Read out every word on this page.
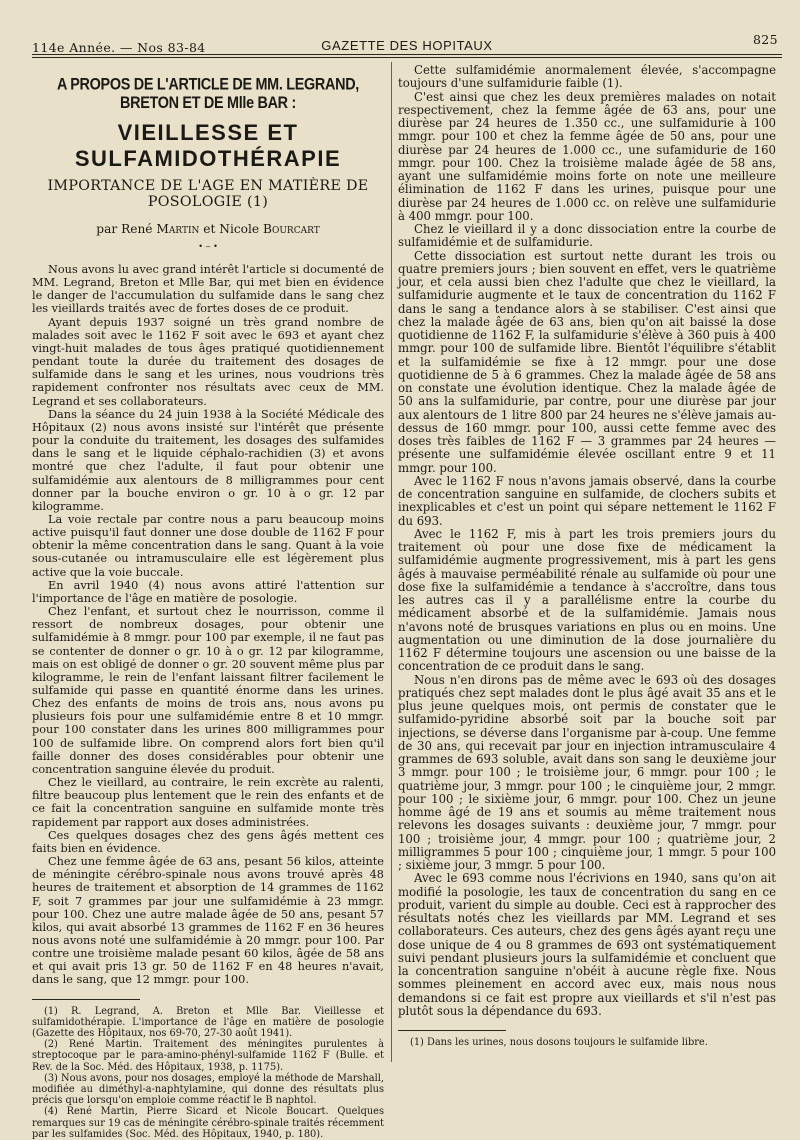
114e Année. — Nos 83-84	GAZETTE DES HOPITAUX	825
A PROPOS DE L'ARTICLE DE MM. LEGRAND, BRETON ET DE Mlle BAR :
VIEILLESSE ET SULFAMIDOTHÉRAPIE
IMPORTANCE DE L'AGE EN MATIÈRE DE POSOLOGIE (1)
par René Martin et Nicole Bourcart
• ‒ •

Nous avons lu avec grand intérêt l'article si documenté de MM. Legrand, Breton et Mlle Bar, qui met bien en évidence le danger de l'accumulation du sulfamide dans le sang chez les vieillards traités avec de fortes doses de ce produit.

Ayant depuis 1937 soigné un très grand nombre de malades soit avec le 1162 F soit avec le 693 et ayant chez vingt-huit malades de tous âges pratiqué quotidiennement pendant toute la durée du traitement des dosages de sulfamide dans le sang et les urines, nous voudrions très rapidement confronter nos résultats avec ceux de MM. Legrand et ses collaborateurs.

Dans la séance du 24 juin 1938 à la Société Médicale des Hôpitaux (2) nous avons insisté sur l'intérêt que présente pour la conduite du traitement, les dosages des sulfamides dans le sang et le liquide céphalo-rachidien (3) et avons montré que chez l'adulte, il faut pour obtenir une sulfamidémie aux alentours de 8 milligrammes pour cent donner par la bouche environ o gr. 10 à o gr. 12 par kilogramme.

La voie rectale par contre nous a paru beaucoup moins active puisqu'il faut donner une dose double de 1162 F pour obtenir la même concentration dans le sang. Quant à la voie sous-cutanée ou intramusculaire elle est légèrement plus active que la voie buccale.

En avril 1940 (4) nous avons attiré l'attention sur l'importance de l'âge en matière de posologie.

Chez l'enfant, et surtout chez le nourrisson, comme il ressort de nombreux dosages, pour obtenir une sulfamidémie à 8 mmgr. pour 100 par exemple, il ne faut pas se contenter de donner o gr. 10 à o gr. 12 par kilogramme, mais on est obligé de donner o gr. 20 souvent même plus par kilogramme, le rein de l'enfant laissant filtrer facilement le sulfamide qui passe en quantité énorme dans les urines. Chez des enfants de moins de trois ans, nous avons pu plusieurs fois pour une sulfamidémie entre 8 et 10 mmgr. pour 100 constater dans les urines 800 milligrammes pour 100 de sulfamide libre. On comprend alors fort bien qu'il faille donner des doses considérables pour obtenir une concentration sanguine élevée du produit.

Chez le vieillard, au contraire, le rein excrète au ralenti, filtre beaucoup plus lentement que le rein des enfants et de ce fait la concentration sanguine en sulfamide monte très rapidement par rapport aux doses administrées.

Ces quelques dosages chez des gens âgés mettent ces faits bien en évidence.

Chez une femme âgée de 63 ans, pesant 56 kilos, atteinte de méningite cérébro-spinale nous avons trouvé après 48 heures de traitement et absorption de 14 grammes de 1162 F, soit 7 grammes par jour une sulfamidémie à 23 mmgr. pour 100. Chez une autre malade âgée de 50 ans, pesant 57 kilos, qui avait absorbé 13 grammes de 1162 F en 36 heures nous avons noté une sulfamidémie à 20 mmgr. pour 100. Par contre une troisième malade pesant 60 kilos, âgée de 58 ans et qui avait pris 13 gr. 50 de 1162 F en 48 heures n'avait, dans le sang, que 12 mmgr. pour 100.

(1) R. Legrand, A. Breton et Mlle Bar. Vieillesse et sulfamidothérapie. L'importance de l'âge en matière de posologie (Gazette des Hôpitaux, nos 69-70, 27-30 août 1941).

(2) René Martin. Traitement des méningites purulentes à streptocoque par le para-amino-phényl-sulfamide 1162 F (Bulle. et Rev. de la Soc. Méd. des Hôpitaux, 1938, p. 1175).

(3) Nous avons, pour nos dosages, employé la méthode de Marshall, modifiée au diméthyl-a-naphtylamine, qui donne des résultats plus précis que lorsqu'on emploie comme réactif le B naphtol.

(4) René Martin, Pierre Sicard et Nicole Boucart. Quelques remarques sur 19 cas de méningite cérébro-spinale traités récemment par les sulfamides (Soc. Méd. des Hôpitaux, 1940, p. 180).

Cette sulfamidémie anormalement élevée, s'accompagne toujours d'une sulfamidurie faible (1).

C'est ainsi que chez les deux premières malades on notait respectivement, chez la femme âgée de 63 ans, pour une diurèse par 24 heures de 1.350 cc., une sulfamidurie à 100 mmgr. pour 100 et chez la femme âgée de 50 ans, pour une diurèse par 24 heures de 1.000 cc., une sufamidurie de 160 mmgr. pour 100. Chez la troisième malade âgée de 58 ans, ayant une sulfamidémie moins forte on note une meilleure élimination de 1162 F dans les urines, puisque pour une diurèse par 24 heures de 1.000 cc. on relève une sulfamidurie à 400 mmgr. pour 100.

Chez le vieillard il y a donc dissociation entre la courbe de sulfamidémie et de sulfamidurie.

Cette dissociation est surtout nette durant les trois ou quatre premiers jours ; bien souvent en effet, vers le quatrième jour, et cela aussi bien chez l'adulte que chez le vieillard, la sulfamidurie augmente et le taux de concentration du 1162 F dans le sang a tendance alors à se stabiliser. C'est ainsi que chez la malade âgée de 63 ans, bien qu'on ait baissé la dose quotidienne de 1162 F, la sulfamidurie s'élève à 360 puis à 400 mmgr. pour 100 de sulfamide libre. Bientôt l'équilibre s'établit et la sulfamidémie se fixe à 12 mmgr. pour une dose quotidienne de 5 à 6 grammes. Chez la malade âgée de 58 ans on constate une évolution identique. Chez la malade âgée de 50 ans la sulfamidurie, par contre, pour une diurèse par jour aux alentours de 1 litre 800 par 24 heures ne s'élève jamais au-dessus de 160 mmgr. pour 100, aussi cette femme avec des doses très faibles de 1162 F — 3 grammes par 24 heures — présente une sulfamidémie élevée oscillant entre 9 et 11 mmgr. pour 100.

Avec le 1162 F nous n'avons jamais observé, dans la courbe de concentration sanguine en sulfamide, de clochers subits et inexplicables et c'est un point qui sépare nettement le 1162 F du 693.

Avec le 1162 F, mis à part les trois premiers jours du traitement où pour une dose fixe de médicament la sulfamidémie augmente progressivement, mis à part les gens âgés à mauvaise perméabilité rénale au sulfamide où pour une dose fixe la sulfamidémie a tendance à s'accroître, dans tous les autres cas il y a parallélisme entre la courbe du médicament absorbé et de la sulfamidémie. Jamais nous n'avons noté de brusques variations en plus ou en moins. Une augmentation ou une diminution de la dose journalière du 1162 F détermine toujours une ascension ou une baisse de la concentration de ce produit dans le sang.

Nous n'en dirons pas de même avec le 693 où des dosages pratiqués chez sept malades dont le plus âgé avait 35 ans et le plus jeune quelques mois, ont permis de constater que le sulfamido-pyridine absorbé soit par la bouche soit par injections, se déverse dans l'organisme par à-coup. Une femme de 30 ans, qui recevait par jour en injection intramusculaire 4 grammes de 693 soluble, avait dans son sang le deuxième jour 3 mmgr. pour 100 ; le troisième jour, 6 mmgr. pour 100 ; le quatrième jour, 3 mmgr. pour 100 ; le cinquième jour, 2 mmgr. pour 100 ; le sixième jour, 6 mmgr. pour 100. Chez un jeune homme âgé de 19 ans et soumis au même traitement nous relevons les dosages suivants : deuxième jour, 7 mmgr. pour 100 ; troisième jour, 4 mmgr. pour 100 ; quatrième jour, 2 milligrammes 5 pour 100 ; cinquième jour, 1 mmgr. 5 pour 100 ; sixième jour, 3 mmgr. 5 pour 100.

Avec le 693 comme nous l'écrivions en 1940, sans qu'on ait modifié la posologie, les taux de concentration du sang en ce produit, varient du simple au double. Ceci est à rapprocher des résultats notés chez les vieillards par MM. Legrand et ses collaborateurs. Ces auteurs, chez des gens âgés ayant reçu une dose unique de 4 ou 8 grammes de 693 ont systématiquement suivi pendant plusieurs jours la sulfamidémie et concluent que la concentration sanguine n'obéit à aucune règle fixe. Nous sommes pleinement en accord avec eux, mais nous nous demandons si ce fait est propre aux vieillards et s'il n'est pas plutôt sous la dépendance du 693.

(1) Dans les urines, nous dosons toujours le sulfamide libre.
